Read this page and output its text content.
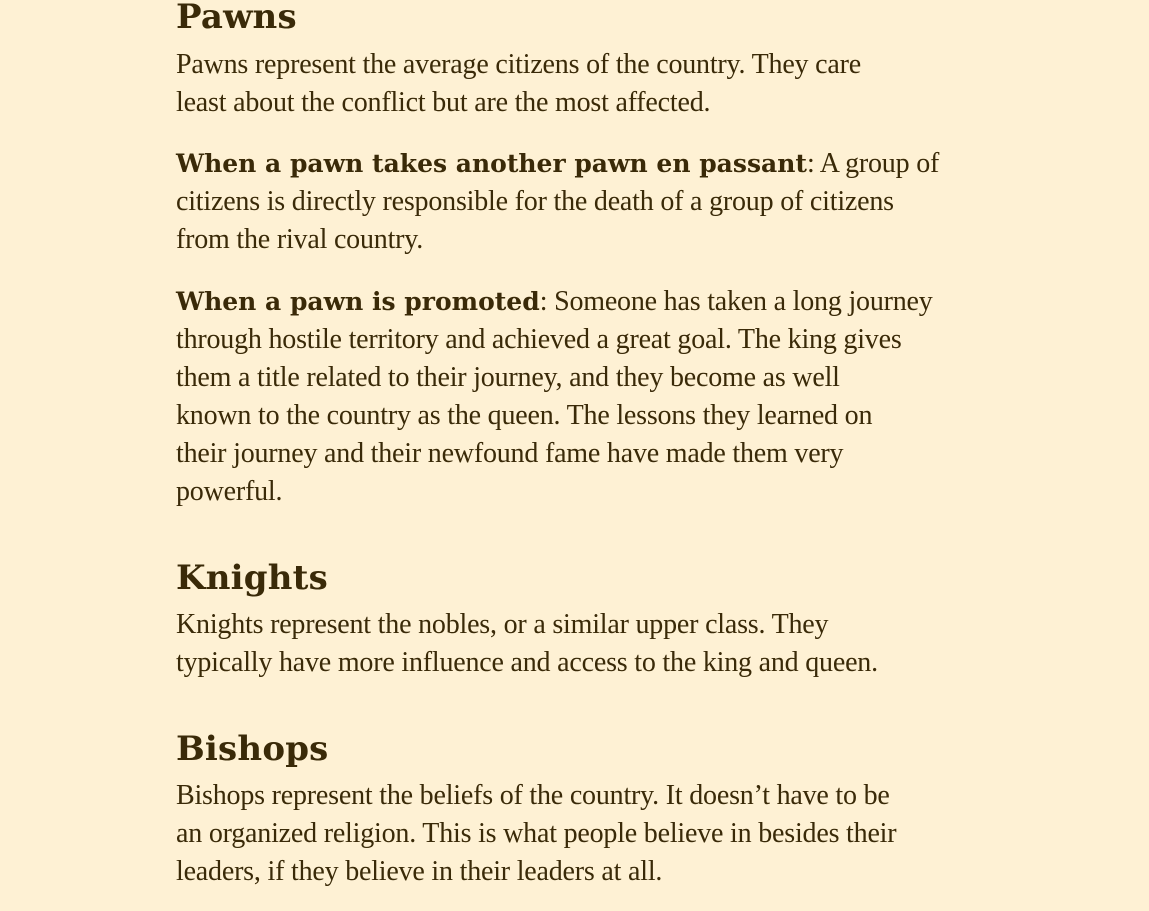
Pawns

Pawns represent the average citizens of the country. They care
least about the conflict but are the most affected.

When a pawn takes another pawn en passant: A group of
citizens is directly responsible for the death of a group of citizens
from the rival country.

When a pawn is promoted: Someone has taken a long journey
through hostile territory and achieved a great goal. The king gives
them a title related to their journey, and they become as well
known to the country as the queen. The lessons they learned on
their journey and their newfound fame have made them very
powerful.

Knights

Knights represent the nobles, or a similar upper class. They
typically have more influence and access to the king and queen.

Bishops

Bishops represent the beliefs of the country. It doesn’t have to be
an organized religion. This is what people believe in besides their
leaders, if they believe in their leaders at all.
